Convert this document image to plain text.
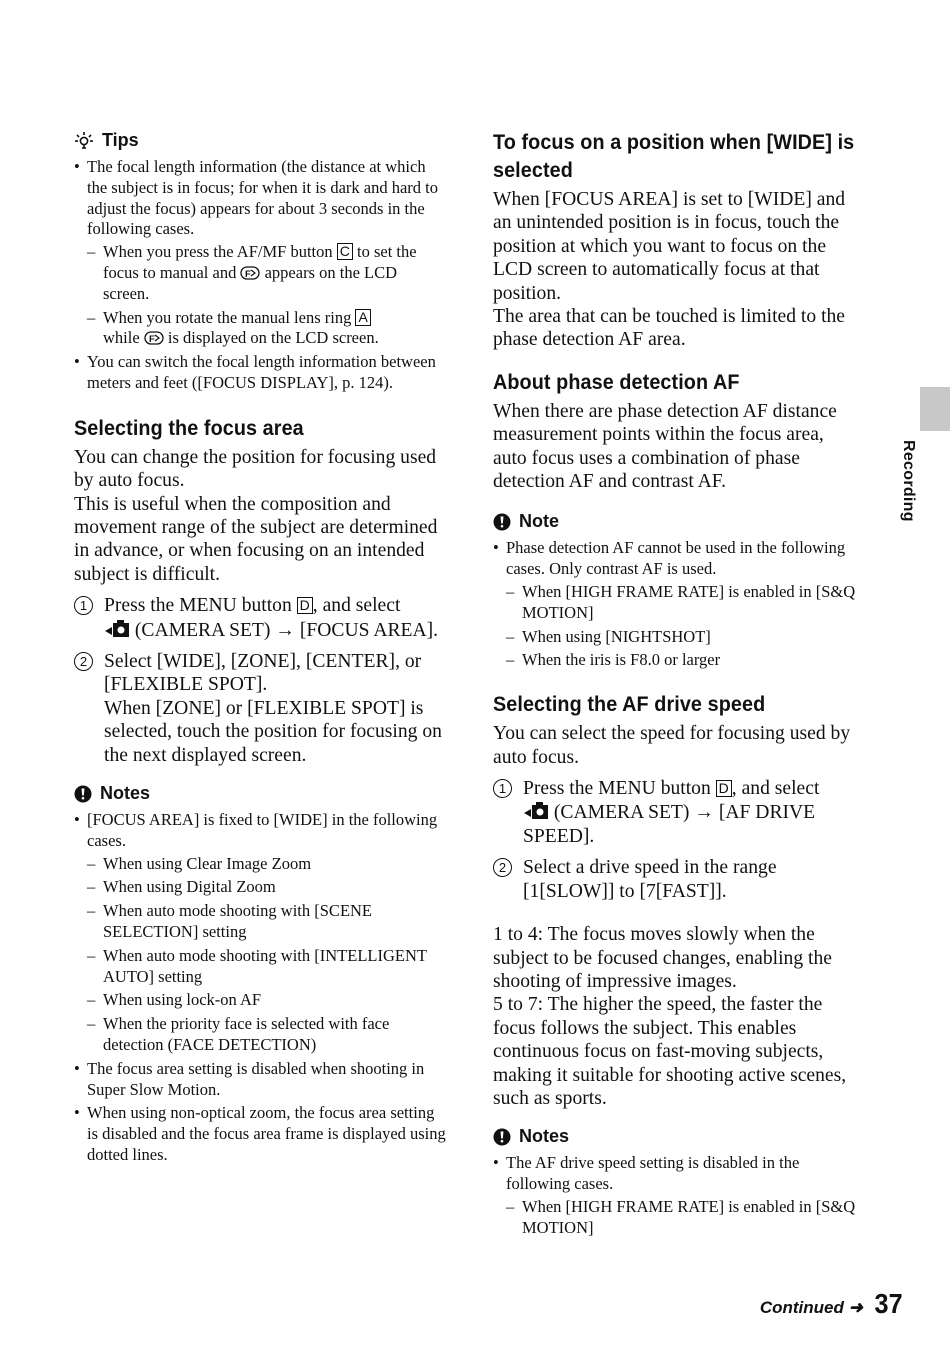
Tips
• The focal length information (the distance at which the subject is in focus; for when it is dark and hard to adjust the focus) appears for about 3 seconds in the following cases.
– When you press the AF/MF button C to set the focus to manual and F appears on the LCD screen.
– When you rotate the manual lens ring A
while F is displayed on the LCD screen.
• You can switch the focal length information between meters and feet ([FOCUS DISPLAY], p. 124).
Selecting the focus area
You can change the position for focusing used by auto focus.
This is useful when the composition and movement range of the subject are determined in advance, or when focusing on an intended subject is difficult.
1 Press the MENU button D , and select
(CAMERA SET) → [FOCUS AREA].
2 Select [WIDE], [ZONE], [CENTER], or [FLEXIBLE SPOT].
When [ZONE] or [FLEXIBLE SPOT] is selected, touch the position for focusing on the next displayed screen.
Notes
• [FOCUS AREA] is fixed to [WIDE] in the following cases.
– When using Clear Image Zoom
– When using Digital Zoom
– When auto mode shooting with [SCENE SELECTION] setting
– When auto mode shooting with [INTELLIGENT AUTO] setting
– When using lock-on AF
– When the priority face is selected with face detection (FACE DETECTION)
• The focus area setting is disabled when shooting in Super Slow Motion.
• When using non-optical zoom, the focus area setting is disabled and the focus area frame is displayed using dotted lines.
To focus on a position when [WIDE] is selected
When [FOCUS AREA] is set to [WIDE] and an unintended position is in focus, touch the position at which you want to focus on the LCD screen to automatically focus at that position.
The area that can be touched is limited to the phase detection AF area.
About phase detection AF
When there are phase detection AF distance measurement points within the focus area, auto focus uses a combination of phase detection AF and contrast AF.
Note
• Phase detection AF cannot be used in the following cases. Only contrast AF is used.
– When [HIGH FRAME RATE] is enabled in [S&Q MOTION]
– When using [NIGHTSHOT]
– When the iris is F8.0 or larger
Selecting the AF drive speed
You can select the speed for focusing used by auto focus.
1 Press the MENU button D , and select
(CAMERA SET) → [AF DRIVE SPEED].
2 Select a drive speed in the range [1[SLOW]] to [7[FAST]].
1 to 4: The focus moves slowly when the subject to be focused changes, enabling the shooting of impressive images.
5 to 7: The higher the speed, the faster the focus follows the subject. This enables continuous focus on fast-moving subjects, making it suitable for shooting active scenes, such as sports.
Notes
• The AF drive speed setting is disabled in the following cases.
– When [HIGH FRAME RATE] is enabled in [S&Q MOTION]
Recording
Continued ➜ 37
